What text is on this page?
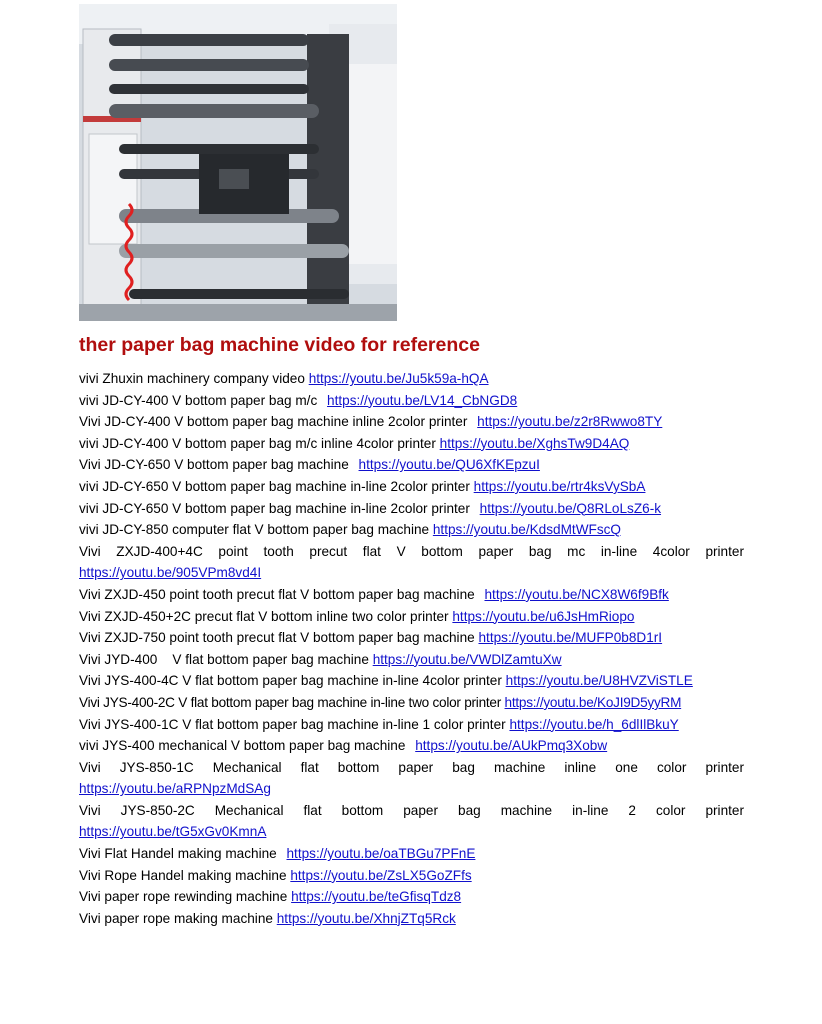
ther paper bag machine video for reference
vivi Zhuxin machinery company video https://youtu.be/Ju5k59a-hQA
vivi JD-CY-400 V bottom paper bag m/c https://youtu.be/LV14_CbNGD8
Vivi JD-CY-400 V bottom paper bag machine inline 2color printer https://youtu.be/z2r8Rwwo8TY
vivi JD-CY-400 V bottom paper bag m/c inline 4color printer https://youtu.be/XghsTw9D4AQ
Vivi JD-CY-650 V bottom paper bag machine https://youtu.be/QU6XfKEpzuI
vivi JD-CY-650 V bottom paper bag machine in-line 2color printer https://youtu.be/rtr4ksVySbA
vivi JD-CY-650 V bottom paper bag machine in-line 2color printer https://youtu.be/Q8RLoLsZ6-k
vivi JD-CY-850 computer flat V bottom paper bag machine https://youtu.be/KdsdMtWFscQ
Vivi ZXJD-400+4C point tooth precut flat V bottom paper bag mc in-line 4color printer https://youtu.be/905VPm8vd4I
Vivi ZXJD-450 point tooth precut flat V bottom paper bag machine https://youtu.be/NCX8W6f9Bfk
Vivi ZXJD-450+2C precut flat V bottom inline two color printer https://youtu.be/u6JsHmRiopo
Vivi ZXJD-750 point tooth precut flat V bottom paper bag machine https://youtu.be/MUFP0b8D1rI
Vivi JYD-400    V flat bottom paper bag machine https://youtu.be/VWDlZamtuXw
Vivi JYS-400-4C V flat bottom paper bag machine in-line 4color printer https://youtu.be/U8HVZViSTLE
Vivi JYS-400-2C V flat bottom paper bag machine in-line two color printer https://youtu.be/KoJI9D5yyRM
Vivi JYS-400-1C V flat bottom paper bag machine in-line 1 color printer https://youtu.be/h_6dlIlBkuY
vivi JYS-400 mechanical V bottom paper bag machine https://youtu.be/AUkPmq3Xobw
Vivi JYS-850-1C Mechanical flat bottom paper bag machine inline one color printer https://youtu.be/aRPNpzMdSAg
Vivi JYS-850-2C Mechanical flat bottom paper bag machine in-line 2 color printer https://youtu.be/tG5xGv0KmnA
Vivi Flat Handel making machine https://youtu.be/oaTBGu7PFnE
Vivi Rope Handel making machine https://youtu.be/ZsLX5GoZFfs
Vivi paper rope rewinding machine https://youtu.be/teGfisqTdz8
Vivi paper rope making machine https://youtu.be/XhnjZTq5Rck
